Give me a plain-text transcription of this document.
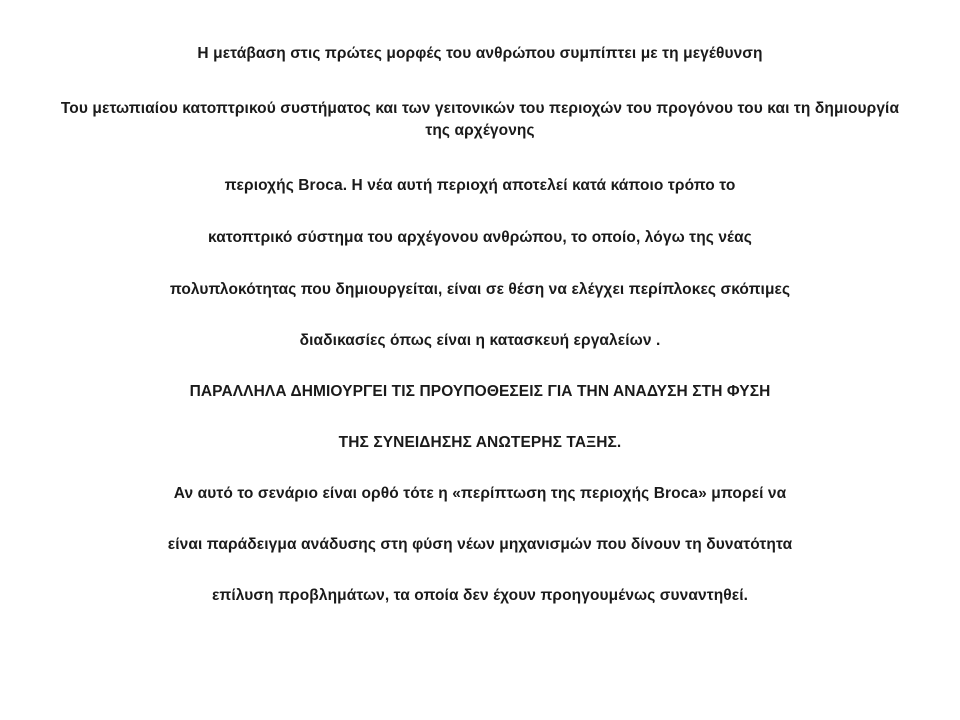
Η μετάβαση στις πρώτες μορφές του ανθρώπου συμπίπτει με τη μεγέθυνση
Του μετωπιαίου κατοπτρικού συστήματος και των γειτονικών του περιοχών του προγόνου του και τη δημιουργία της αρχέγονης
περιοχής Broca. Η νέα αυτή περιοχή αποτελεί κατά κάποιο τρόπο το
κατοπτρικό σύστημα του αρχέγονου ανθρώπου, το οποίο, λόγω της νέας
πολυπλοκότητας που δημιουργείται, είναι σε θέση να ελέγχει περίπλοκες σκόπιμες
διαδικασίες όπως είναι η κατασκευή εργαλείων .
ΠΑΡΑΛΛΗΛΑ ΔΗΜΙΟΥΡΓΕΙ ΤΙΣ ΠΡΟΥΠΟΘΕΣΕΙΣ ΓΙΑ ΤΗΝ ΑΝΑΔΥΣΗ ΣΤΗ ΦΥΣΗ
ΤΗΣ ΣΥΝΕΙΔΗΣΗΣ ΑΝΩΤΕΡΗΣ ΤΑΞΗΣ.
Αν αυτό το σενάριο είναι ορθό τότε η «περίπτωση της περιοχής Broca» μπορεί να
είναι παράδειγμα ανάδυσης στη φύση νέων μηχανισμών που δίνουν τη δυνατότητα
επίλυση προβλημάτων, τα οποία δεν έχουν προηγουμένως συναντηθεί.
